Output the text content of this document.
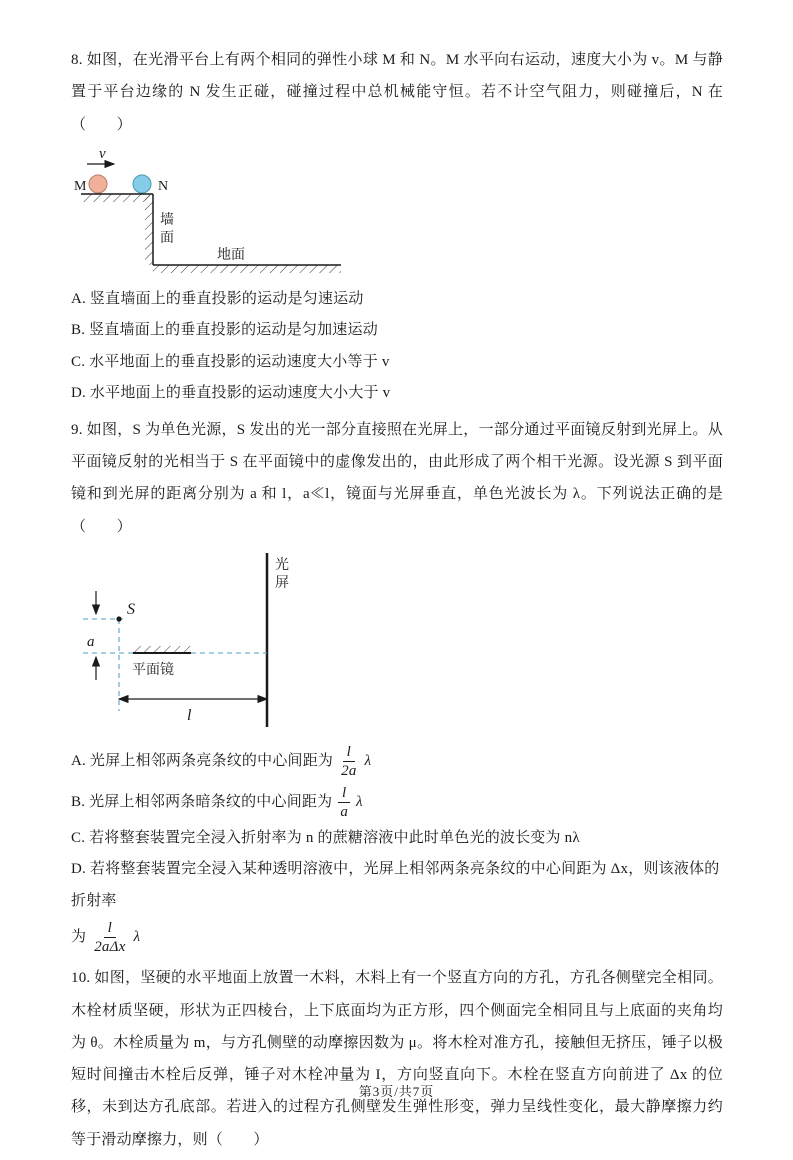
8. 如图，在光滑平台上有两个相同的弹性小球 M 和 N。M 水平向右运动，速度大小为 v。M 与静置于平台边缘的 N 发生正碰，碰撞过程中总机械能守恒。若不计空气阻力，则碰撞后，N 在（　　）

v
M	N
墙
面
地面

A. 竖直墙面上的垂直投影的运动是匀速运动

B. 竖直墙面上的垂直投影的运动是匀加速运动

C. 水平地面上的垂直投影的运动速度大小等于 v

D. 水平地面上的垂直投影的运动速度大小大于 v

9. 如图，S 为单色光源，S 发出的光一部分直接照在光屏上，一部分通过平面镜反射到光屏上。从平面镜反射的光相当于 S 在平面镜中的虚像发出的，由此形成了两个相干光源。设光源 S 到平面镜和到光屏的距离分别为 a 和 l，a≪l，镜面与光屏垂直，单色光波长为 λ。下列说法正确的是（　　）

光
屏
a
S
平面镜
l

A. 光屏上相邻两条亮条纹的中心间距为 $\frac{l}{2a}$ λ

B. 光屏上相邻两条暗条纹的中心间距为 $\frac{l}{a}$ λ

C. 若将整套装置完全浸入折射率为 n 的蔗糖溶液中此时单色光的波长变为 nλ

D. 若将整套装置完全浸入某种透明溶液中，光屏上相邻两条亮条纹的中心间距为 Δx，则该液体的折射率

为 $\frac{l}{\text{2aΔx}}$ λ

10. 如图，坚硬的水平地面上放置一木料，木料上有一个竖直方向的方孔，方孔各侧壁完全相同。木栓材质坚硬，形状为正四棱台，上下底面均为正方形，四个侧面完全相同且与上底面的夹角均为 θ。木栓质量为 m，与方孔侧壁的动摩擦因数为 μ。将木栓对准方孔，接触但无挤压，锤子以极短时间撞击木栓后反弹，锤子对木栓冲量为 I，方向竖直向下。木栓在竖直方向前进了 Δx 的位移，未到达方孔底部。若进入的过程方孔侧壁发生弹性形变，弹力呈线性变化，最大静摩擦力约等于滑动摩擦力，则（　　）

第3页/共7页
